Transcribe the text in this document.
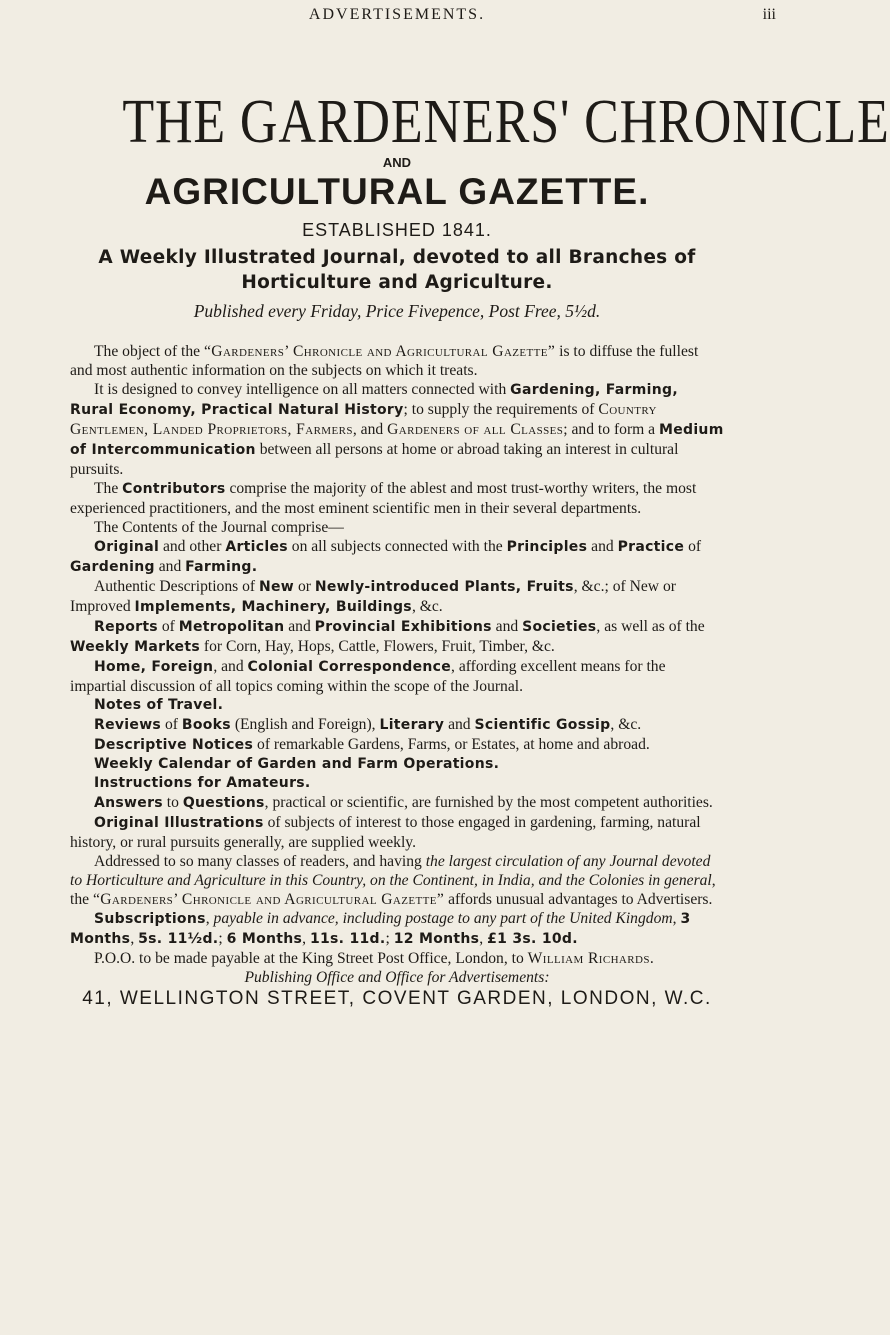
ADVERTISEMENTS.	iii
THE GARDENERS' CHRONICLE
AND
AGRICULTURAL GAZETTE.
ESTABLISHED 1841.
A Weekly Illustrated Journal, devoted to all Branches of
Horticulture and Agriculture.
Published every Friday, Price Fivepence, Post Free, 5½d.

The object of the “Gardeners’ Chronicle and Agricultural Gazette” is to diffuse the fullest and most authentic information on the subjects on which it treats.

It is designed to convey intelligence on all matters connected with Gardening, Farming, Rural Economy, Practical Natural History; to supply the requirements of Country Gentlemen, Landed Proprietors, Farmers, and Gardeners of all Classes; and to form a Medium of Intercommunication between all persons at home or abroad taking an interest in cultural pursuits.

The Contributors comprise the majority of the ablest and most trust-worthy writers, the most experienced practitioners, and the most eminent scientific men in their several departments.

The Contents of the Journal comprise—

Original and other Articles on all subjects connected with the Principles and Practice of Gardening and Farming.

Authentic Descriptions of New or Newly-introduced Plants, Fruits, &c.; of New or Improved Implements, Machinery, Buildings, &c.

Reports of Metropolitan and Provincial Exhibitions and Societies, as well as of the Weekly Markets for Corn, Hay, Hops, Cattle, Flowers, Fruit, Timber, &c.

Home, Foreign, and Colonial Correspondence, affording excellent means for the impartial discussion of all topics coming within the scope of the Journal.

Notes of Travel.

Reviews of Books (English and Foreign), Literary and Scientific Gossip, &c.

Descriptive Notices of remarkable Gardens, Farms, or Estates, at home and abroad.

Weekly Calendar of Garden and Farm Operations.

Instructions for Amateurs.

Answers to Questions, practical or scientific, are furnished by the most competent authorities.

Original Illustrations of subjects of interest to those engaged in gardening, farming, natural history, or rural pursuits generally, are supplied weekly.

Addressed to so many classes of readers, and having the largest circulation of any Journal devoted to Horticulture and Agriculture in this Country, on the Continent, in India, and the Colonies in general, the “Gardeners’ Chronicle and Agricultural Gazette” affords unusual advantages to Advertisers.

Subscriptions, payable in advance, including postage to any part of the United Kingdom, 3 Months, 5s. 11½d.; 6 Months, 11s. 11d.; 12 Months, £1 3s. 10d.

P.O.O. to be made payable at the King Street Post Office, London, to William Richards.

Publishing Office and Office for Advertisements:

41, WELLINGTON STREET, COVENT GARDEN, LONDON, W.C.
